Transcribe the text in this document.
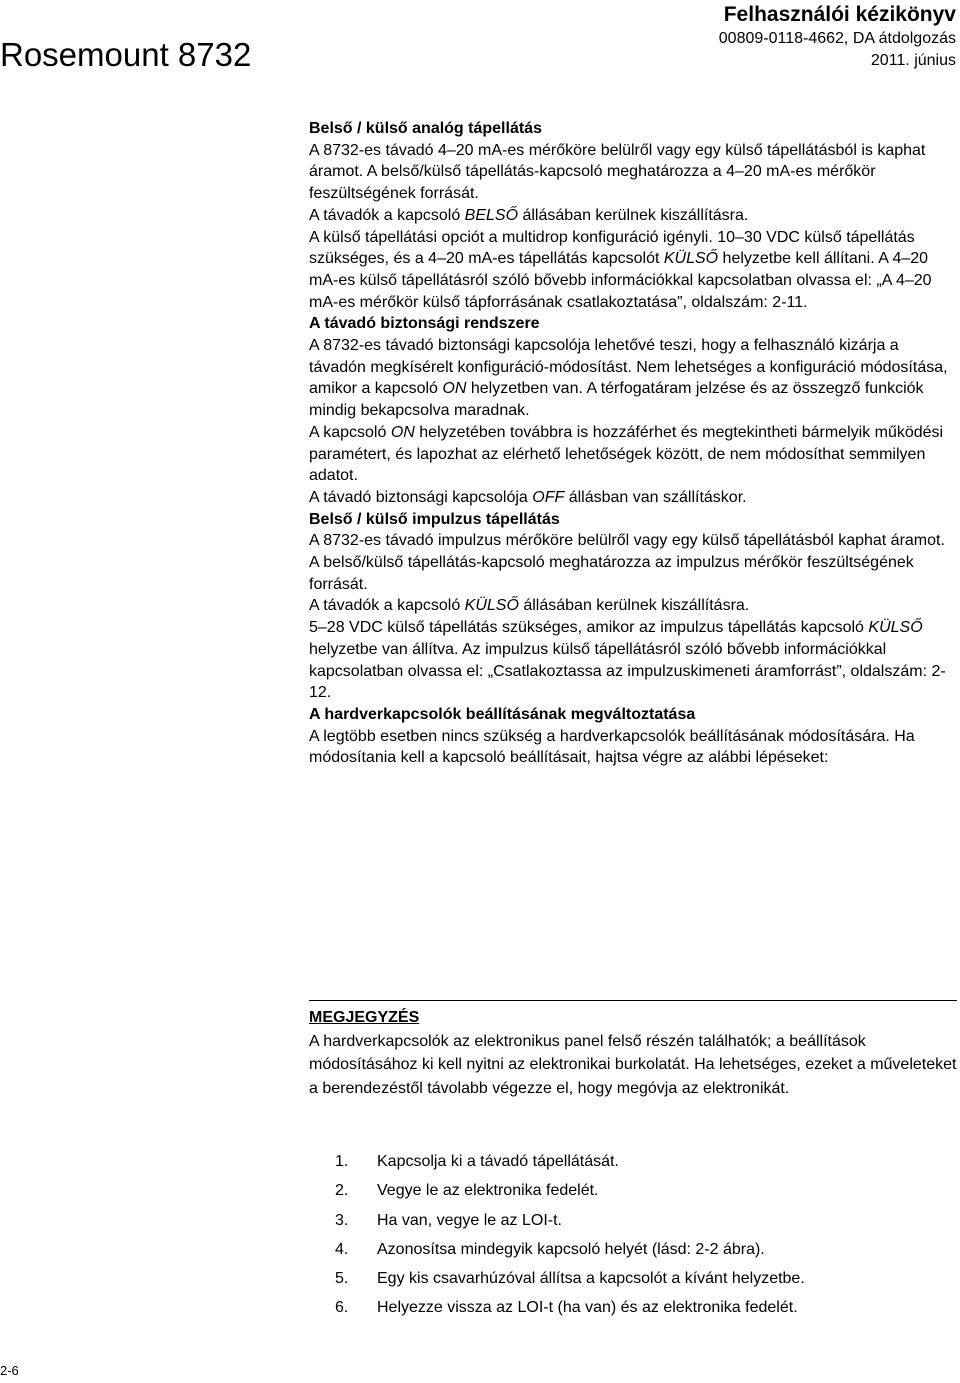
Rosemount 8732
Felhasználói kézikönyv
00809-0118-4662, DA átdolgozás
2011. június
Belső / külső analóg tápellátás

A 8732-es távadó 4–20 mA-es mérőköre belülről vagy egy külső tápellátásból is kaphat áramot. A belső/külső tápellátás-kapcsoló meghatározza a 4–20 mA-es mérőkör feszültségének forrását.

A távadók a kapcsoló BELSŐ állásában kerülnek kiszállításra.

A külső tápellátási opciót a multidrop konfiguráció igényli. 10–30 VDC külső tápellátás szükséges, és a 4–20 mA-es tápellátás kapcsolót KÜLSŐ helyzetbe kell állítani. A 4–20 mA-es külső tápellátásról szóló bővebb információkkal kapcsolatban olvassa el: „A 4–20 mA-es mérőkör külső tápforrásának csatlakoztatása”, oldalszám: 2-11.

A távadó biztonsági rendszere

A 8732-es távadó biztonsági kapcsolója lehetővé teszi, hogy a felhasználó kizárja a távadón megkísérelt konfiguráció-módosítást. Nem lehetséges a konfiguráció módosítása, amikor a kapcsoló ON helyzetben van. A térfogatáram jelzése és az összegző funkciók mindig bekapcsolva maradnak.

A kapcsoló ON helyzetében továbbra is hozzáférhet és megtekintheti bármelyik működési paramétert, és lapozhat az elérhető lehetőségek között, de nem módosíthat semmilyen adatot.

A távadó biztonsági kapcsolója OFF állásban van szállításkor.

Belső / külső impulzus tápellátás

A 8732-es távadó impulzus mérőköre belülről vagy egy külső tápellátásból kaphat áramot. A belső/külső tápellátás-kapcsoló meghatározza az impulzus mérőkör feszültségének forrását.

A távadók a kapcsoló KÜLSŐ állásában kerülnek kiszállításra.

5–28 VDC külső tápellátás szükséges, amikor az impulzus tápellátás kapcsoló KÜLSŐ helyzetbe van állítva. Az impulzus külső tápellátásról szóló bővebb információkkal kapcsolatban olvassa el: „Csatlakoztassa az impulzuskimeneti áramforrást”, oldalszám: 2-12.

A hardverkapcsolók beállításának megváltoztatása

A legtöbb esetben nincs szükség a hardverkapcsolók beállításának módosítására. Ha módosítania kell a kapcsoló beállításait, hajtsa végre az alábbi lépéseket:

MEGJEGYZÉS
A hardverkapcsolók az elektronikus panel felső részén találhatók; a beállítások módosításához ki kell nyitni az elektronikai burkolatát. Ha lehetséges, ezeket a műveleteket a berendezéstől távolabb végezze el, hogy megóvja az elektronikát.
1.	Kapcsolja ki a távadó tápellátását.
2.	Vegye le az elektronika fedelét.
3.	Ha van, vegye le az LOI-t.
4.	Azonosítsa mindegyik kapcsoló helyét (lásd: 2-2 ábra).
5.	Egy kis csavarhúzóval állítsa a kapcsolót a kívánt helyzetbe.
6.	Helyezze vissza az LOI-t (ha van) és az elektronika fedelét.
2-6
